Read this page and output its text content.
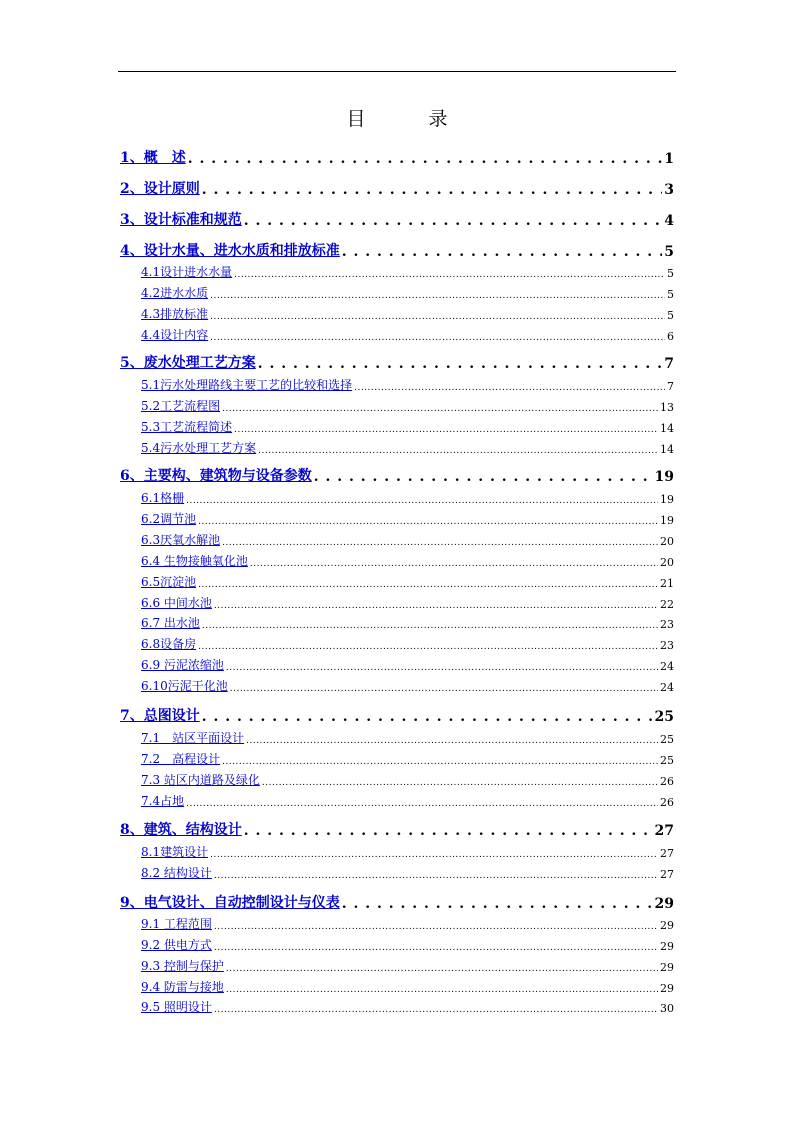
目　录
1、概　述 . . .	1
2、设计原则 . . .	3
3、设计标准和规范 . . .	4
4、设计水量、进水水质和排放标准 . . .	5
4.1设计进水水量 .....	5
4.2进水水质 .....	5
4.3排放标准 .....	5
4.4设计内容 .....	6
5、废水处理工艺方案 . . .	7
5.1污水处理路线主要工艺的比较和选择 .....	7
5.2工艺流程图 .....	13
5.3工艺流程简述 .....	14
5.4污水处理工艺方案 .....	14
6、主要构、建筑物与设备参数 . . .	19
6.1格栅 .....	19
6.2调节池 .....	19
6.3厌氧水解池 .....	20
6.4 生物接触氧化池 .....	20
6.5沉淀池 .....	21
6.6 中间水池 .....	22
6.7 出水池 .....	23
6.8设备房 .....	23
6.9 污泥浓缩池 .....	24
6.10污泥干化池 .....	24
7、总图设计 . . .	25
7.1　站区平面设计 .....	25
7.2　高程设计 .....	25
7.3 站区内道路及绿化 .....	26
7.4占地 .....	26
8、建筑、结构设计 . . .	27
8.1建筑设计 .....	27
8.2 结构设计 .....	27
9、电气设计、自动控制设计与仪表 . . .	29
9.1 工程范围 .....	29
9.2 供电方式 .....	29
9.3 控制与保护 .....	29
9.4 防雷与接地 .....	29
9.5 照明设计 .....	30
